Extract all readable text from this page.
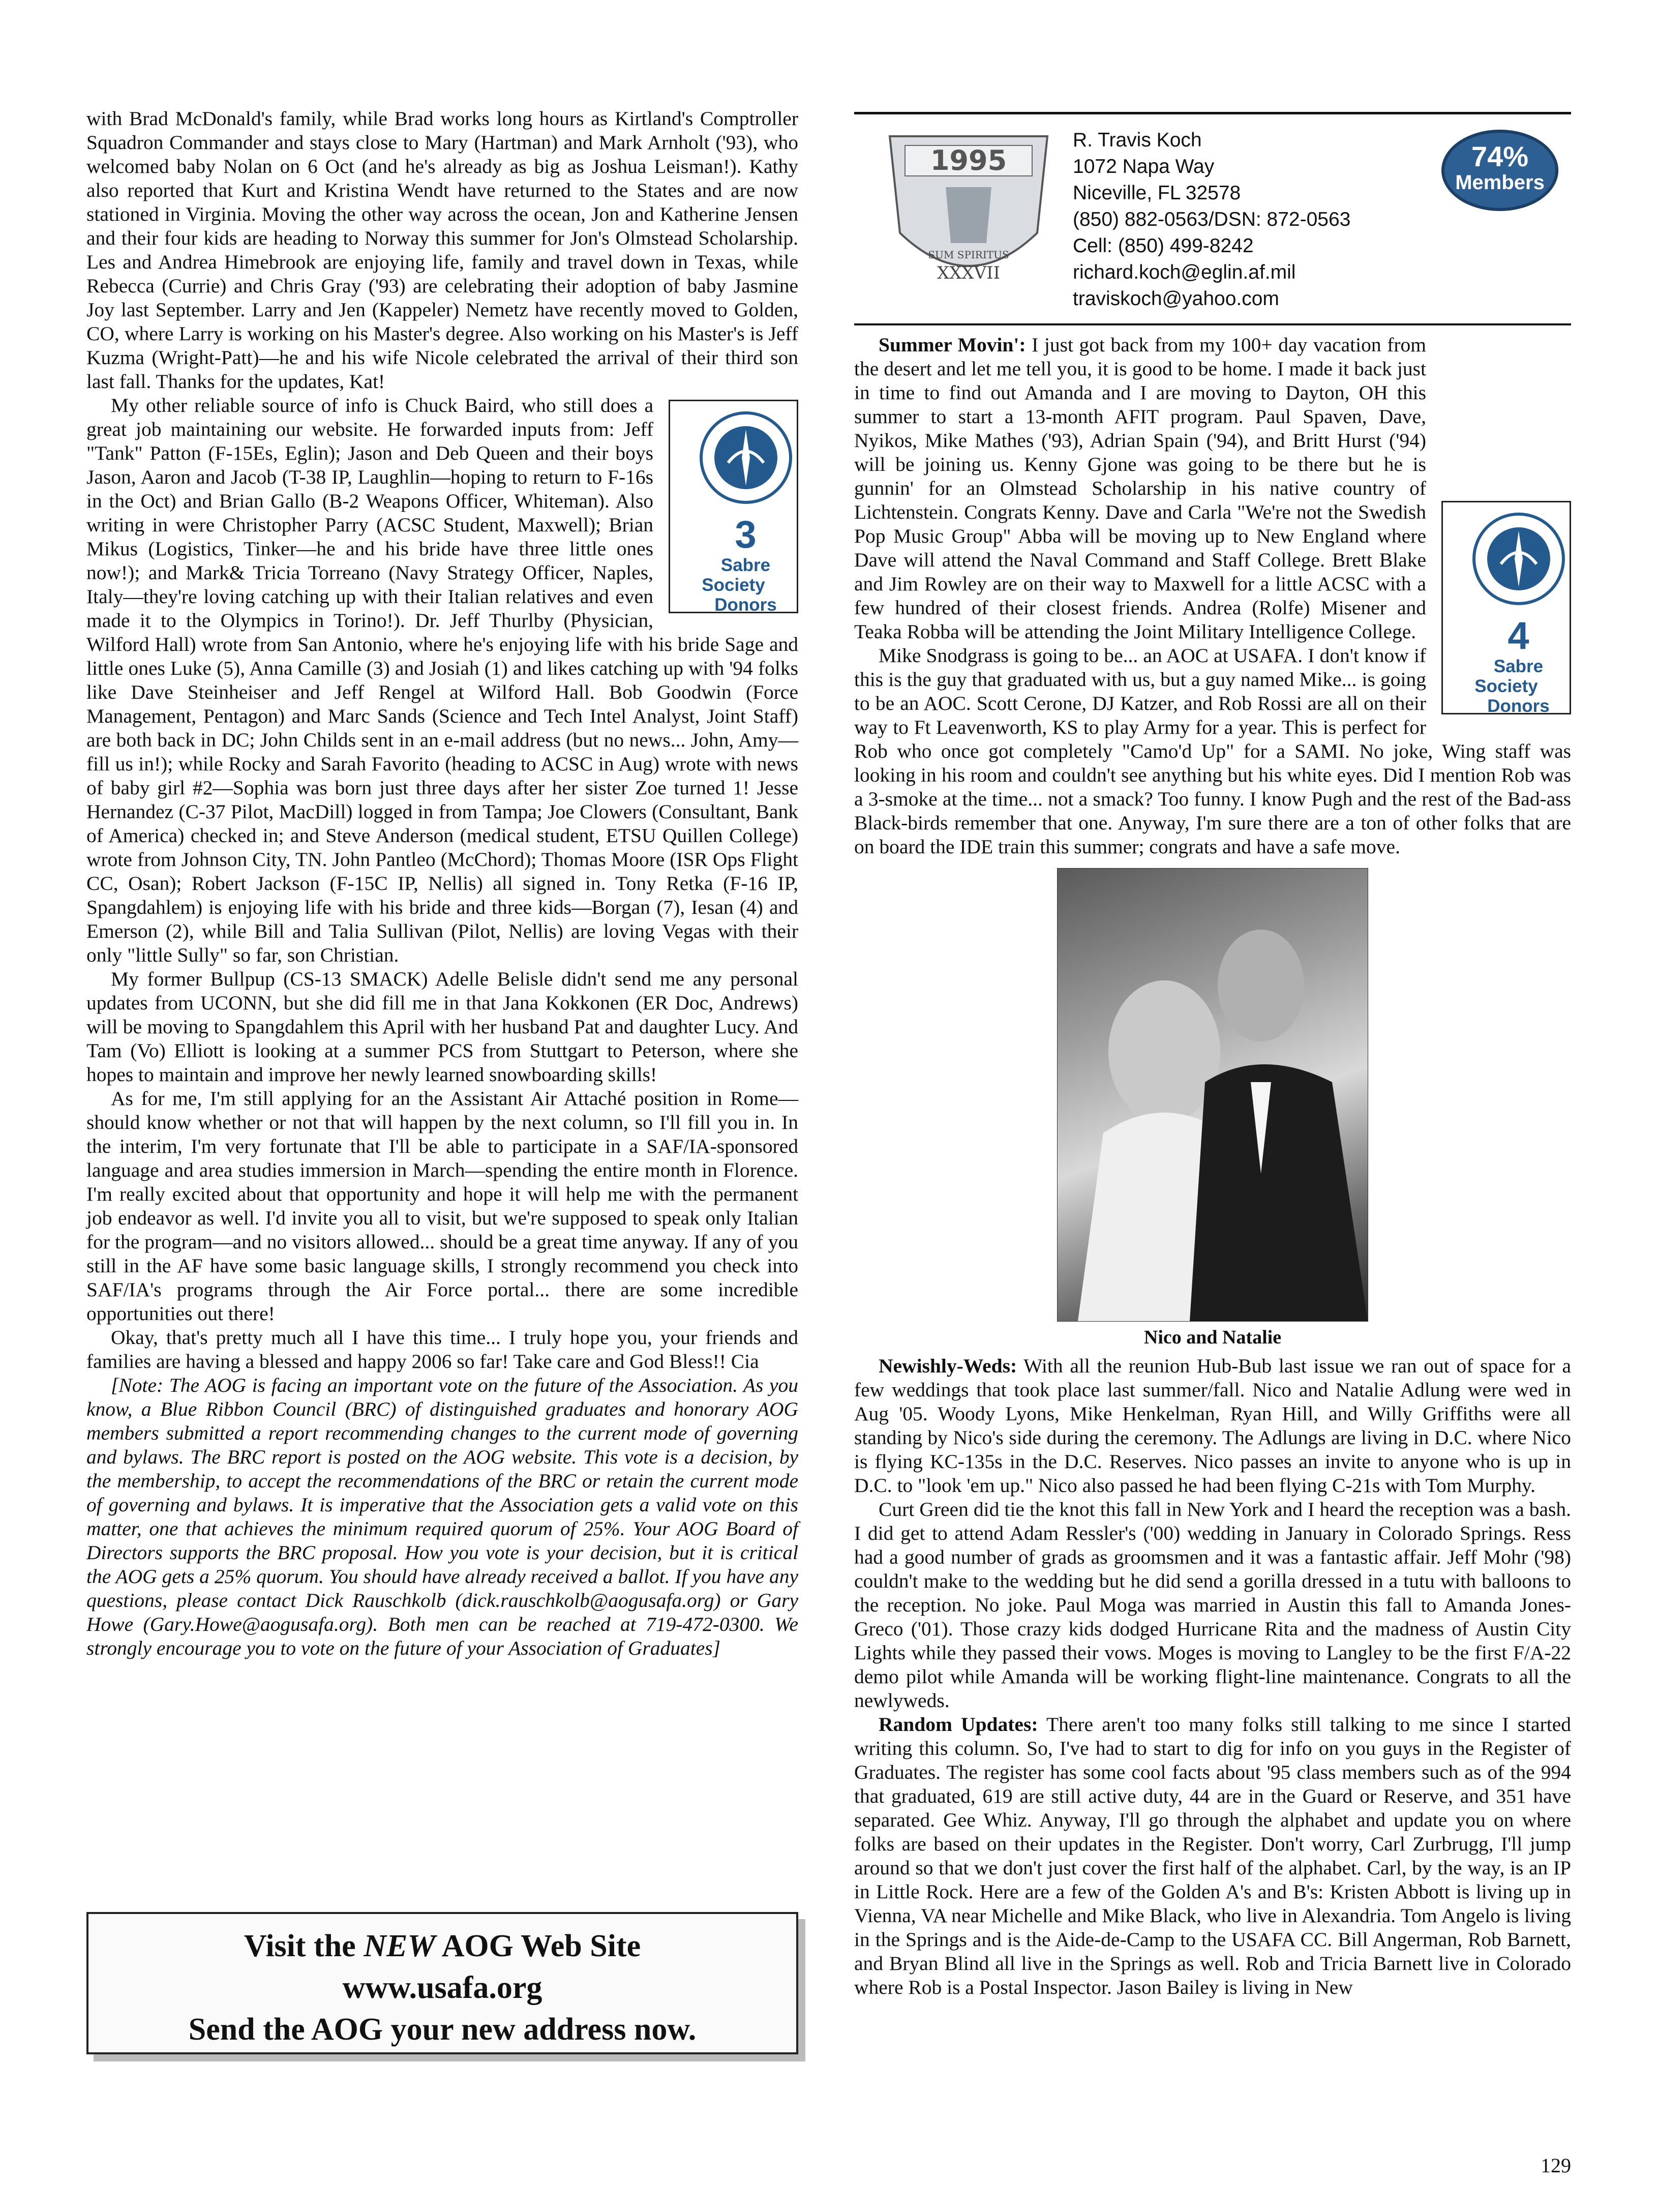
with Brad McDonald's family, while Brad works long hours as Kirtland's Comptroller Squadron Commander and stays close to Mary (Hartman) and Mark Arnholt ('93), who welcomed baby Nolan on 6 Oct (and he's already as big as Joshua Leisman!). Kathy also reported that Kurt and Kristina Wendt have returned to the States and are now stationed in Virginia. Moving the other way across the ocean, Jon and Katherine Jensen and their four kids are heading to Norway this summer for Jon's Olmstead Scholarship. Les and Andrea Himebrook are enjoying life, family and travel down in Texas, while Rebecca (Currie) and Chris Gray ('93) are celebrating their adoption of baby Jasmine Joy last September. Larry and Jen (Kappeler) Nemetz have recently moved to Golden, CO, where Larry is working on his Master's degree. Also working on his Master's is Jeff Kuzma (Wright-Patt)—he and his wife Nicole celebrated the arrival of their third son last fall. Thanks for the updates, Kat!

3
Sabre Society
Donors
My other reliable source of info is Chuck Baird, who still does a great job maintaining our website. He forwarded inputs from: Jeff "Tank" Patton (F-15Es, Eglin); Jason and Deb Queen and their boys Jason, Aaron and Jacob (T-38 IP, Laughlin—hoping to return to F-16s in the Oct) and Brian Gallo (B-2 Weapons Officer, Whiteman). Also writing in were Christopher Parry (ACSC Student, Maxwell); Brian Mikus (Logistics, Tinker—he and his bride have three little ones now!); and Mark& Tricia Torreano (Navy Strategy Officer, Naples, Italy—they're loving catching up with their Italian relatives and even made it to the Olympics in Torino!). Dr. Jeff Thurlby (Physician, Wilford Hall) wrote from San Antonio, where he's enjoying life with his bride Sage and little ones Luke (5), Anna Camille (3) and Josiah (1) and likes catching up with '94 folks like Dave Steinheiser and Jeff Rengel at Wilford Hall. Bob Goodwin (Force Management, Pentagon) and Marc Sands (Science and Tech Intel Analyst, Joint Staff) are both back in DC; John Childs sent in an e-mail address (but no news... John, Amy—fill us in!); while Rocky and Sarah Favorito (heading to ACSC in Aug) wrote with news of baby girl #2—Sophia was born just three days after her sister Zoe turned 1! Jesse Hernandez (C-37 Pilot, MacDill) logged in from Tampa; Joe Clowers (Consultant, Bank of America) checked in; and Steve Anderson (medical student, ETSU Quillen College) wrote from Johnson City, TN. John Pantleo (McChord); Thomas Moore (ISR Ops Flight CC, Osan); Robert Jackson (F-15C IP, Nellis) all signed in. Tony Retka (F-16 IP, Spangdahlem) is enjoying life with his bride and three kids—Borgan (7), Iesan (4) and Emerson (2), while Bill and Talia Sullivan (Pilot, Nellis) are loving Vegas with their only "little Sully" so far, son Christian.

My former Bullpup (CS-13 SMACK) Adelle Belisle didn't send me any personal updates from UCONN, but she did fill me in that Jana Kokkonen (ER Doc, Andrews) will be moving to Spangdahlem this April with her husband Pat and daughter Lucy. And Tam (Vo) Elliott is looking at a summer PCS from Stuttgart to Peterson, where she hopes to maintain and improve her newly learned snowboarding skills!

As for me, I'm still applying for an the Assistant Air Attaché position in Rome—should know whether or not that will happen by the next column, so I'll fill you in. In the interim, I'm very fortunate that I'll be able to participate in a SAF/IA-sponsored language and area studies immersion in March—spending the entire month in Florence. I'm really excited about that opportunity and hope it will help me with the permanent job endeavor as well. I'd invite you all to visit, but we're supposed to speak only Italian for the program—and no visitors allowed... should be a great time anyway. If any of you still in the AF have some basic language skills, I strongly recommend you check into SAF/IA's programs through the Air Force portal... there are some incredible opportunities out there!

Okay, that's pretty much all I have this time... I truly hope you, your friends and families are having a blessed and happy 2006 so far! Take care and God Bless!! Cia

[Note: The AOG is facing an important vote on the future of the Association. As you know, a Blue Ribbon Council (BRC) of distinguished graduates and honorary AOG members submitted a report recommending changes to the current mode of governing and bylaws. The BRC report is posted on the AOG website. This vote is a decision, by the membership, to accept the recommendations of the BRC or retain the current mode of governing and bylaws. It is imperative that the Association gets a valid vote on this matter, one that achieves the minimum required quorum of 25%. Your AOG Board of Directors supports the BRC proposal. How you vote is your decision, but it is critical the AOG gets a 25% quorum. You should have already received a ballot. If you have any questions, please contact Dick Rauschkolb (dick.rauschkolb@aogusafa.org) or Gary Howe (Gary.Howe@aogusafa.org). Both men can be reached at 719-472-0300. We strongly encourage you to vote on the future of your Association of Graduates]

Visit the NEW AOG Web Site
www.usafa.org
Send the AOG your new address now.
1995
SUM SPIRITUS
XXXVII
R. Travis Koch
1072 Napa Way
Niceville, FL 32578
(850) 882-0563/DSN: 872-0563
Cell: (850) 499-8242
richard.koch@eglin.af.mil
traviskoch@yahoo.com
74%
Members

4
Sabre Society
Donors
Summer Movin': I just got back from my 100+ day vacation from the desert and let me tell you, it is good to be home. I made it back just in time to find out Amanda and I are moving to Dayton, OH this summer to start a 13-month AFIT program. Paul Spaven, Dave, Nyikos, Mike Mathes ('93), Adrian Spain ('94), and Britt Hurst ('94) will be joining us. Kenny Gjone was going to be there but he is gunnin' for an Olmstead Scholarship in his native country of Lichtenstein. Congrats Kenny. Dave and Carla "We're not the Swedish Pop Music Group" Abba will be moving up to New England where Dave will attend the Naval Command and Staff College. Brett Blake and Jim Rowley are on their way to Maxwell for a little ACSC with a few hundred of their closest friends. Andrea (Rolfe) Misener and Teaka Robba will be attending the Joint Military Intelligence College.

Mike Snodgrass is going to be... an AOC at USAFA. I don't know if this is the guy that graduated with us, but a guy named Mike... is going to be an AOC. Scott Cerone, DJ Katzer, and Rob Rossi are all on their way to Ft Leavenworth, KS to play Army for a year. This is perfect for Rob who once got completely "Camo'd Up" for a SAMI. No joke, Wing staff was looking in his room and couldn't see anything but his white eyes. Did I mention Rob was a 3-smoke at the time... not a smack? Too funny. I know Pugh and the rest of the Bad-ass Black-birds remember that one. Anyway, I'm sure there are a ton of other folks that are on board the IDE train this summer; congrats and have a safe move.

Nico and Natalie

Newishly-Weds: With all the reunion Hub-Bub last issue we ran out of space for a few weddings that took place last summer/fall. Nico and Natalie Adlung were wed in Aug '05. Woody Lyons, Mike Henkelman, Ryan Hill, and Willy Griffiths were all standing by Nico's side during the ceremony. The Adlungs are living in D.C. where Nico is flying KC-135s in the D.C. Reserves. Nico passes an invite to anyone who is up in D.C. to "look 'em up." Nico also passed he had been flying C-21s with Tom Murphy.

Curt Green did tie the knot this fall in New York and I heard the reception was a bash. I did get to attend Adam Ressler's ('00) wedding in January in Colorado Springs. Ress had a good number of grads as groomsmen and it was a fantastic affair. Jeff Mohr ('98) couldn't make to the wedding but he did send a gorilla dressed in a tutu with balloons to the reception. No joke. Paul Moga was married in Austin this fall to Amanda Jones-Greco ('01). Those crazy kids dodged Hurricane Rita and the madness of Austin City Lights while they passed their vows. Moges is moving to Langley to be the first F/A-22 demo pilot while Amanda will be working flight-line maintenance. Congrats to all the newlyweds.

Random Updates: There aren't too many folks still talking to me since I started writing this column. So, I've had to start to dig for info on you guys in the Register of Graduates. The register has some cool facts about '95 class members such as of the 994 that graduated, 619 are still active duty, 44 are in the Guard or Reserve, and 351 have separated. Gee Whiz. Anyway, I'll go through the alphabet and update you on where folks are based on their updates in the Register. Don't worry, Carl Zurbrugg, I'll jump around so that we don't just cover the first half of the alphabet. Carl, by the way, is an IP in Little Rock. Here are a few of the Golden A's and B's: Kristen Abbott is living up in Vienna, VA near Michelle and Mike Black, who live in Alexandria. Tom Angelo is living in the Springs and is the Aide-de-Camp to the USAFA CC. Bill Angerman, Rob Barnett, and Bryan Blind all live in the Springs as well. Rob and Tricia Barnett live in Colorado where Rob is a Postal Inspector. Jason Bailey is living in New

129
